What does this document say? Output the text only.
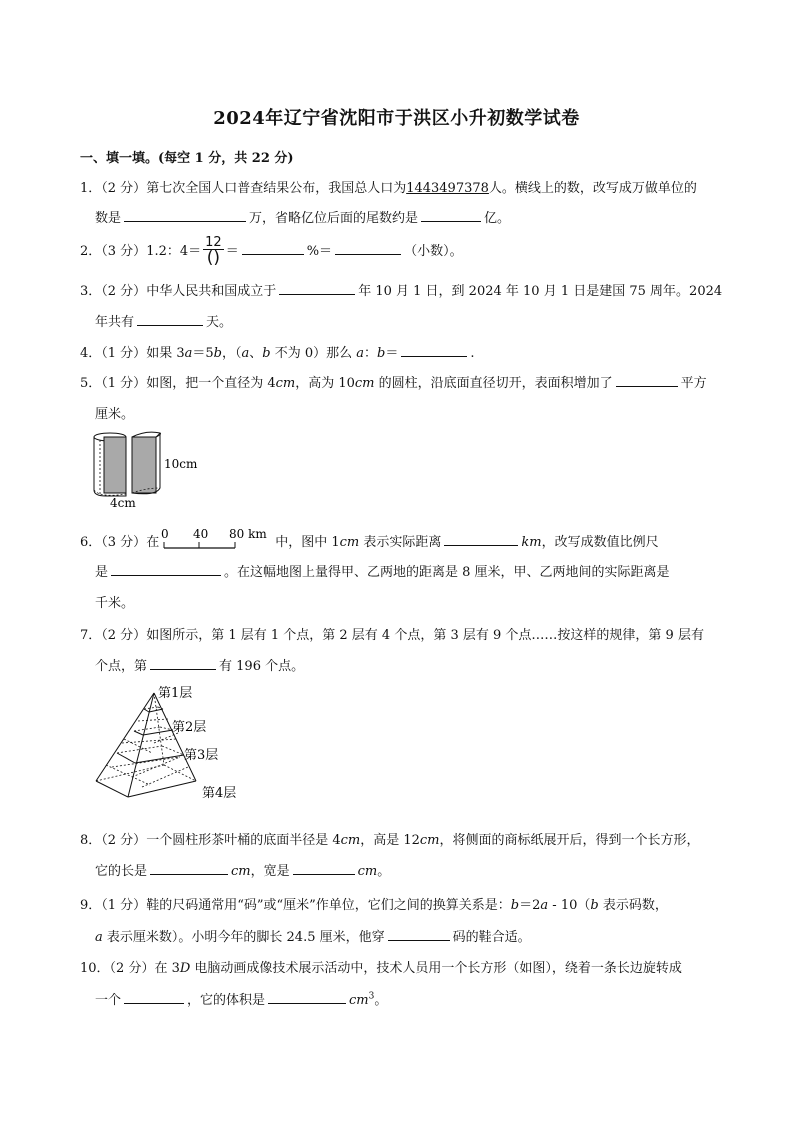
2024年辽宁省沈阳市于洪区小升初数学试卷
一、填一填。(每空 1 分，共 22 分)
1．（2 分）第七次全国人口普查结果公布，我国总人口为1443497378人。横线上的数，改写成万做单位的
数是	万，省略亿位后面的尾数约是	亿。
2．（3 分）1.2：$4= \frac{12}{()}$ ＝	%＝	（小数）。
3．（2 分）中华人民共和国成立于	年 10 月 1 日，到 2024 年 10 月 1 日是建国 75 周年。2024
年共有	天。
4．（1 分）如果 3a＝5b，（a、b 不为 0）那么 a：b＝	.
5．（1 分）如图，把一个直径为 4cm，高为 10cm 的圆柱，沿底面直径切开，表面积增加了	平方
厘米。
10cm
4cm
6．（3 分）在
0 40 80 km
中，图中 1cm 表示实际距离	km，改写成数值比例尺
是	。在这幅地图上量得甲、乙两地的距离是 8 厘米，甲、乙两地间的实际距离是
千米。
7．（2 分）如图所示，第 1 层有 1 个点，第 2 层有 4 个点，第 3 层有 9 个点……按这样的规律，第 9 层有
个点，第	有 196 个点。
第1层
第2层
第3层
第4层
8．（2 分）一个圆柱形茶叶桶的底面半径是 4cm，高是 12cm，将侧面的商标纸展开后，得到一个长方形，
它的长是	cm，宽是	cm。
9．（1 分）鞋的尺码通常用“码”或“厘米”作单位，它们之间的换算关系是：b＝2a - 10（b 表示码数，
a 表示厘米数）。小明今年的脚长 24.5 厘米，他穿	码的鞋合适。
10．（2 分）在 3D 电脑动画成像技术展示活动中，技术人员用一个长方形（如图），绕着一条长边旋转成
一个	，它的体积是	$cm^3$。
